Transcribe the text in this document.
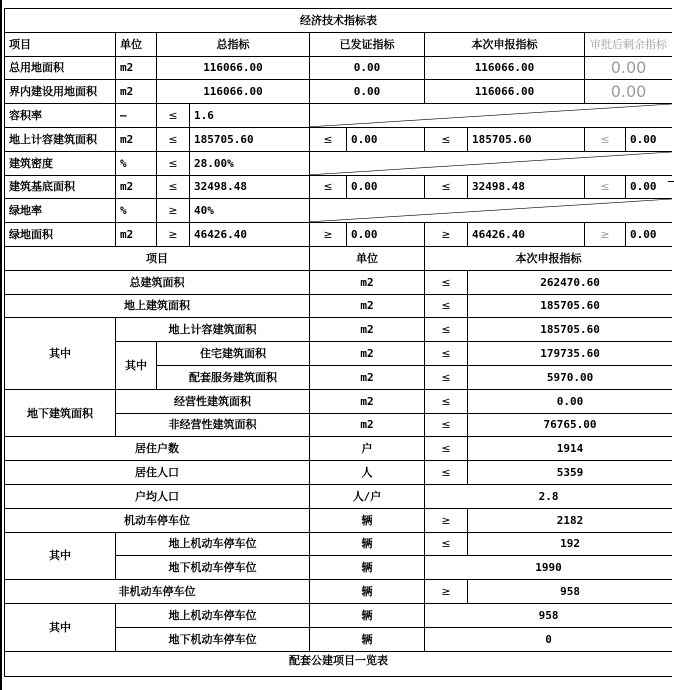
经济技术指标表									
项目	单位	总指标		已发证指标		本次申报指标		审批后剩余指标	
总用地面积	m2	116066.00		0.00		116066.00		0.00	
界内建设用地面积	m2	116066.00		0.00		116066.00		0.00	
容积率	—	≤	1.6	

地上计容建筑面积	m2	≤	185705.60	≤	0.00	≤	185705.60	≤	0.00
建筑密度	%	≤	28.00%	

建筑基底面积	m2	≤	32498.48	≤	0.00	≤	32498.48	≤	0.00
绿地率	%	≥	40%	

绿地面积	m2	≥	46426.40	≥	0.00	≥	46426.40	≥	0.00
项目				单位		本次申报指标			
总建筑面积				m2		≤	262470.60		
地上建筑面积				m2		≤	185705.60		
其中	地上计容建筑面积			m2		≤	185705.60		
	其中	住宅建筑面积		m2		≤	179735.60		
		配套服务建筑面积		m2		≤	5970.00		
地下建筑面积	经营性建筑面积			m2		≤	0.00		
	非经营性建筑面积			m2		≤	76765.00		
居住户数				户		≤	1914		
居住人口				人		≤	5359		
户均人口				人/户		2.8			
机动车停车位				辆		≥	2182		
其中	地上机动车停车位			辆		≤	192		
	地下机动车停车位			辆		1990			
非机动车停车位				辆		≥	958		
其中	地上机动车停车位			辆		958			
	地下机动车停车位			辆		0			
配套公建项目一览表									
